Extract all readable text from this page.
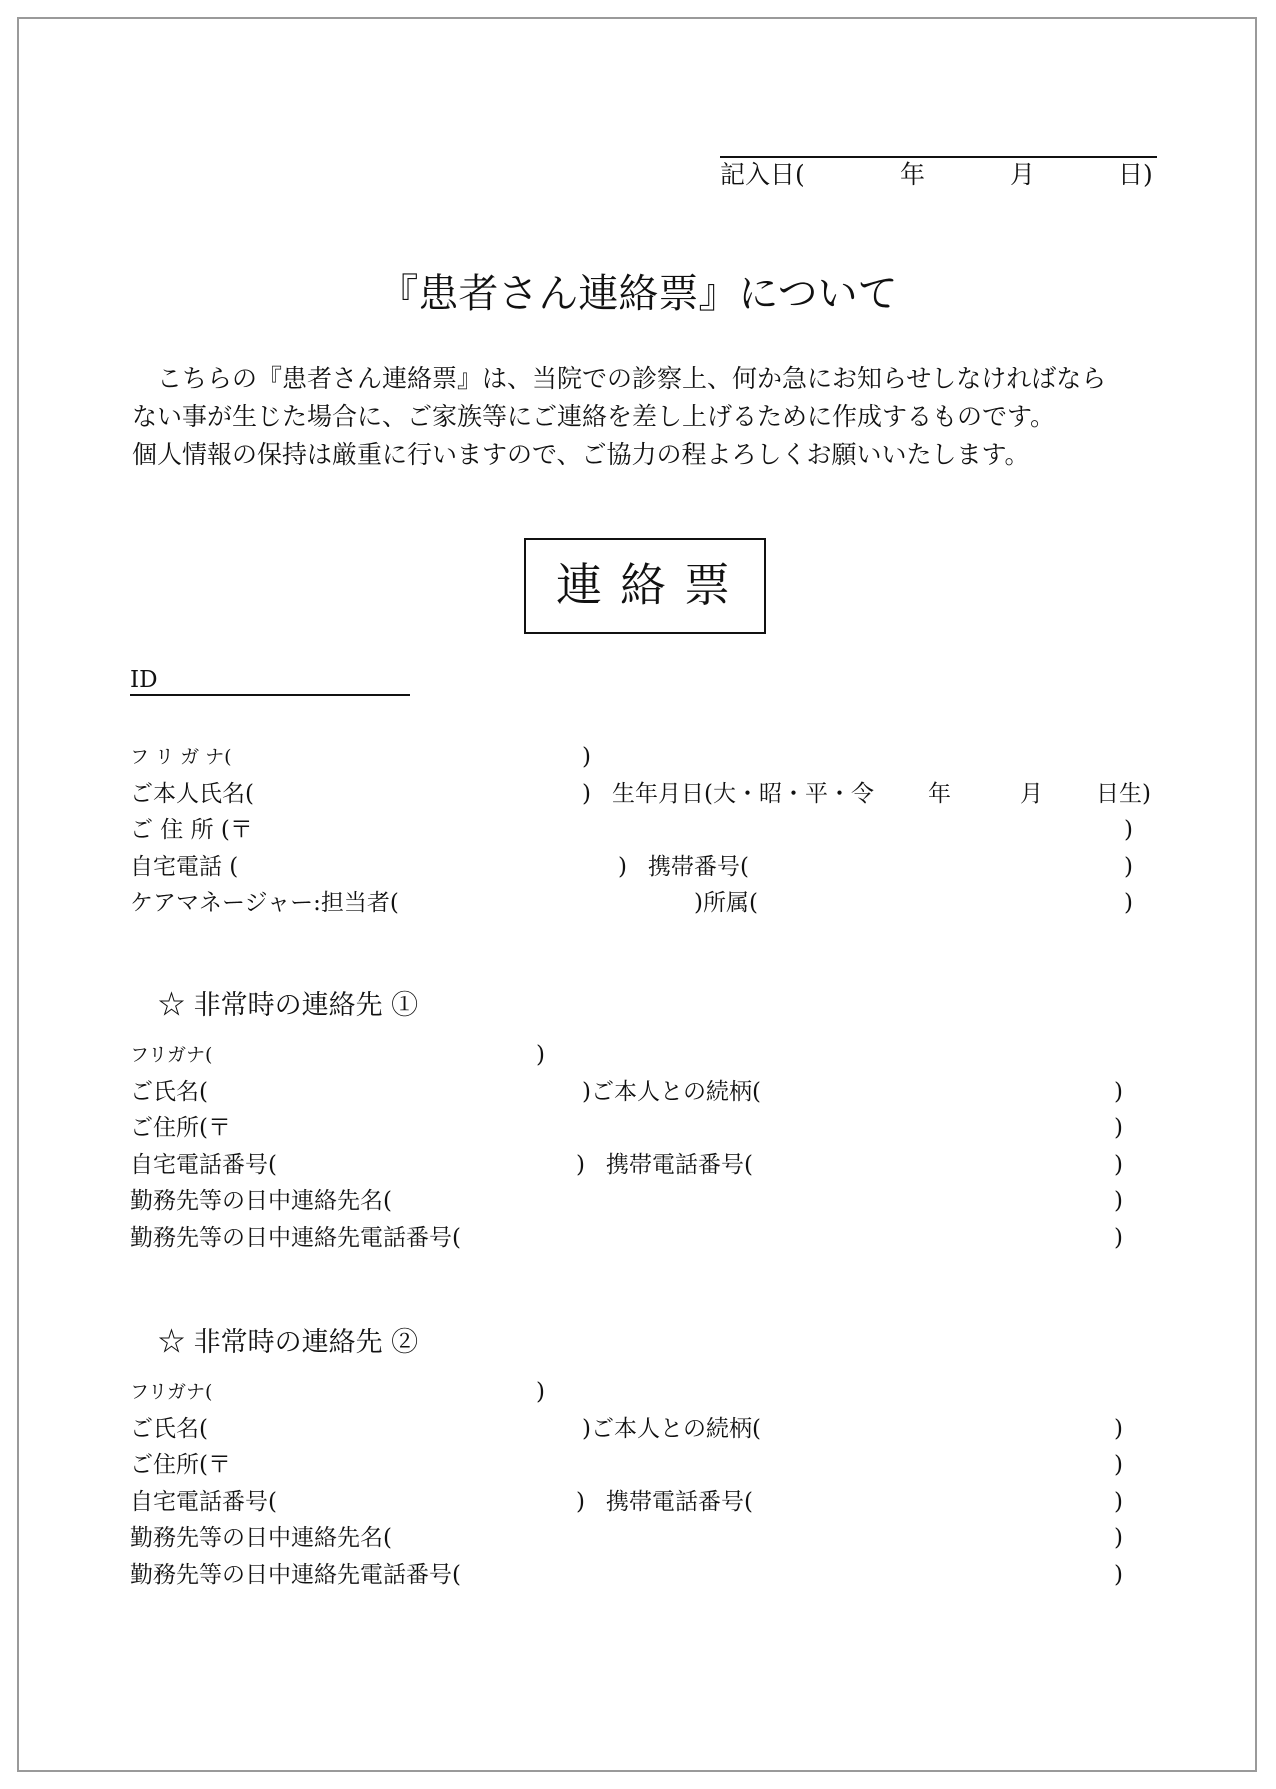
記入日(	年	月	日)
『患者さん連絡票』について
　こちらの『患者さん連絡票』は、当院での診察上、何か急にお知らせしなければなら
ない事が生じた場合に、ご家族等にご連絡を差し上げるために作成するものです。
個人情報の保持は厳重に行いますので、ご協力の程よろしくお願いいたします。
連絡票
ID
フ リ ガ ナ(	)
ご本人氏名(	) 生年月日(大・昭・平・令 年	月 日生)
ご 住 所 (〒	)
自宅電話 (	) 携帯番号(	)
ケアマネージャー:担当者(	)所属(	)
☆ 非常時の連絡先 ①
フリガナ(	)
ご氏名(	)ご本人との続柄(	)
ご住所(〒	)
自宅電話番号(	) 携帯電話番号(	)
勤務先等の日中連絡先名(	)
勤務先等の日中連絡先電話番号(	)
☆ 非常時の連絡先 ②
フリガナ(	)
ご氏名(	)ご本人との続柄(	)
ご住所(〒	)
自宅電話番号(	) 携帯電話番号(	)
勤務先等の日中連絡先名(	)
勤務先等の日中連絡先電話番号(	)
